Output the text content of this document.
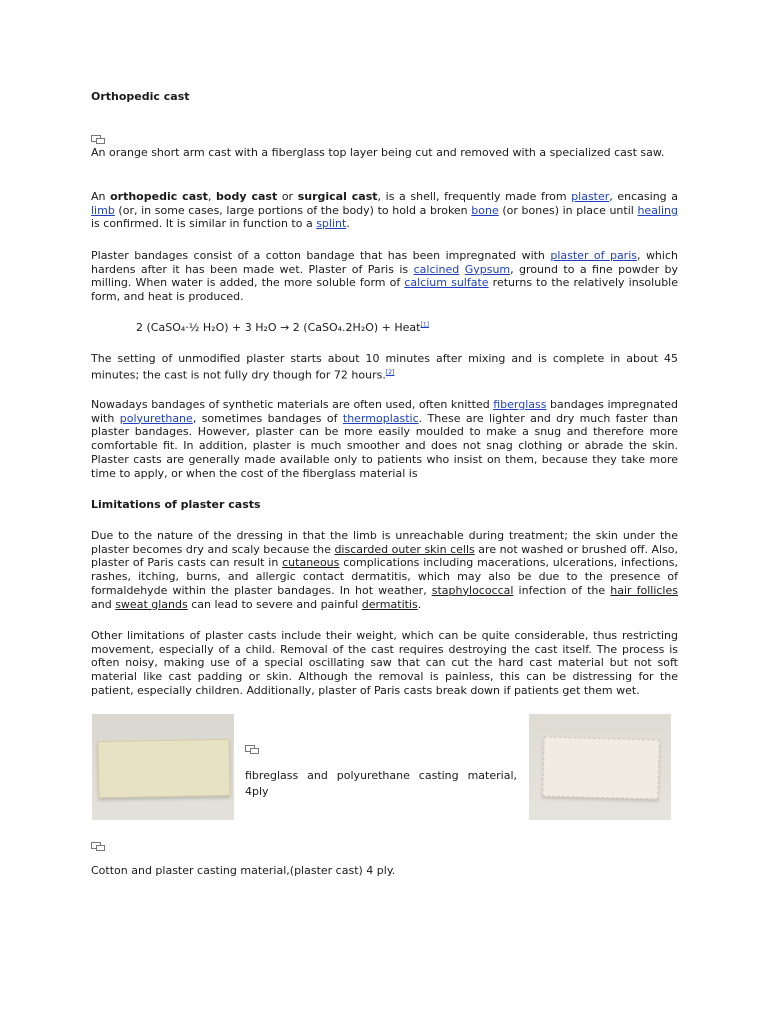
Orthopedic cast

An orange short arm cast with a fiberglass top layer being cut and removed with a specialized cast saw.

An orthopedic cast, body cast or surgical cast, is a shell, frequently made from plaster, encasing a limb (or, in some cases, large portions of the body) to hold a broken bone (or bones) in place until healing is confirmed. It is similar in function to a splint.

Plaster bandages consist of a cotton bandage that has been impregnated with plaster of paris, which hardens after it has been made wet. Plaster of Paris is calcined Gypsum, ground to a fine powder by milling. When water is added, the more soluble form of calcium sulfate returns to the relatively insoluble form, and heat is produced.

2 (CaSO₄·½ H₂O) + 3 H₂O → 2 (CaSO₄.2H₂O) + Heat[1]

The setting of unmodified plaster starts about 10 minutes after mixing and is complete in about 45 minutes; the cast is not fully dry though for 72 hours.[2]

Nowadays bandages of synthetic materials are often used, often knitted fiberglass bandages impregnated with polyurethane, sometimes bandages of thermoplastic. These are lighter and dry much faster than plaster bandages. However, plaster can be more easily moulded to make a snug and therefore more comfortable fit. In addition, plaster is much smoother and does not snag clothing or abrade the skin. Plaster casts are generally made available only to patients who insist on them, because they take more time to apply, or when the cost of the fiberglass material is

Limitations of plaster casts

Due to the nature of the dressing in that the limb is unreachable during treatment; the skin under the plaster becomes dry and scaly because the discarded outer skin cells are not washed or brushed off. Also, plaster of Paris casts can result in cutaneous complications including macerations, ulcerations, infections, rashes, itching, burns, and allergic contact dermatitis, which may also be due to the presence of formaldehyde within the plaster bandages. In hot weather, staphylococcal infection of the hair follicles and sweat glands can lead to severe and painful dermatitis.

Other limitations of plaster casts include their weight, which can be quite considerable, thus restricting movement, especially of a child. Removal of the cast requires destroying the cast itself. The process is often noisy, making use of a special oscillating saw that can cut the hard cast material but not soft material like cast padding or skin. Although the removal is painless, this can be distressing for the patient, especially children. Additionally, plaster of Paris casts break down if patients get them wet.

fibreglass and polyurethane casting material, 4ply

Cotton and plaster casting material,(plaster cast) 4 ply.
